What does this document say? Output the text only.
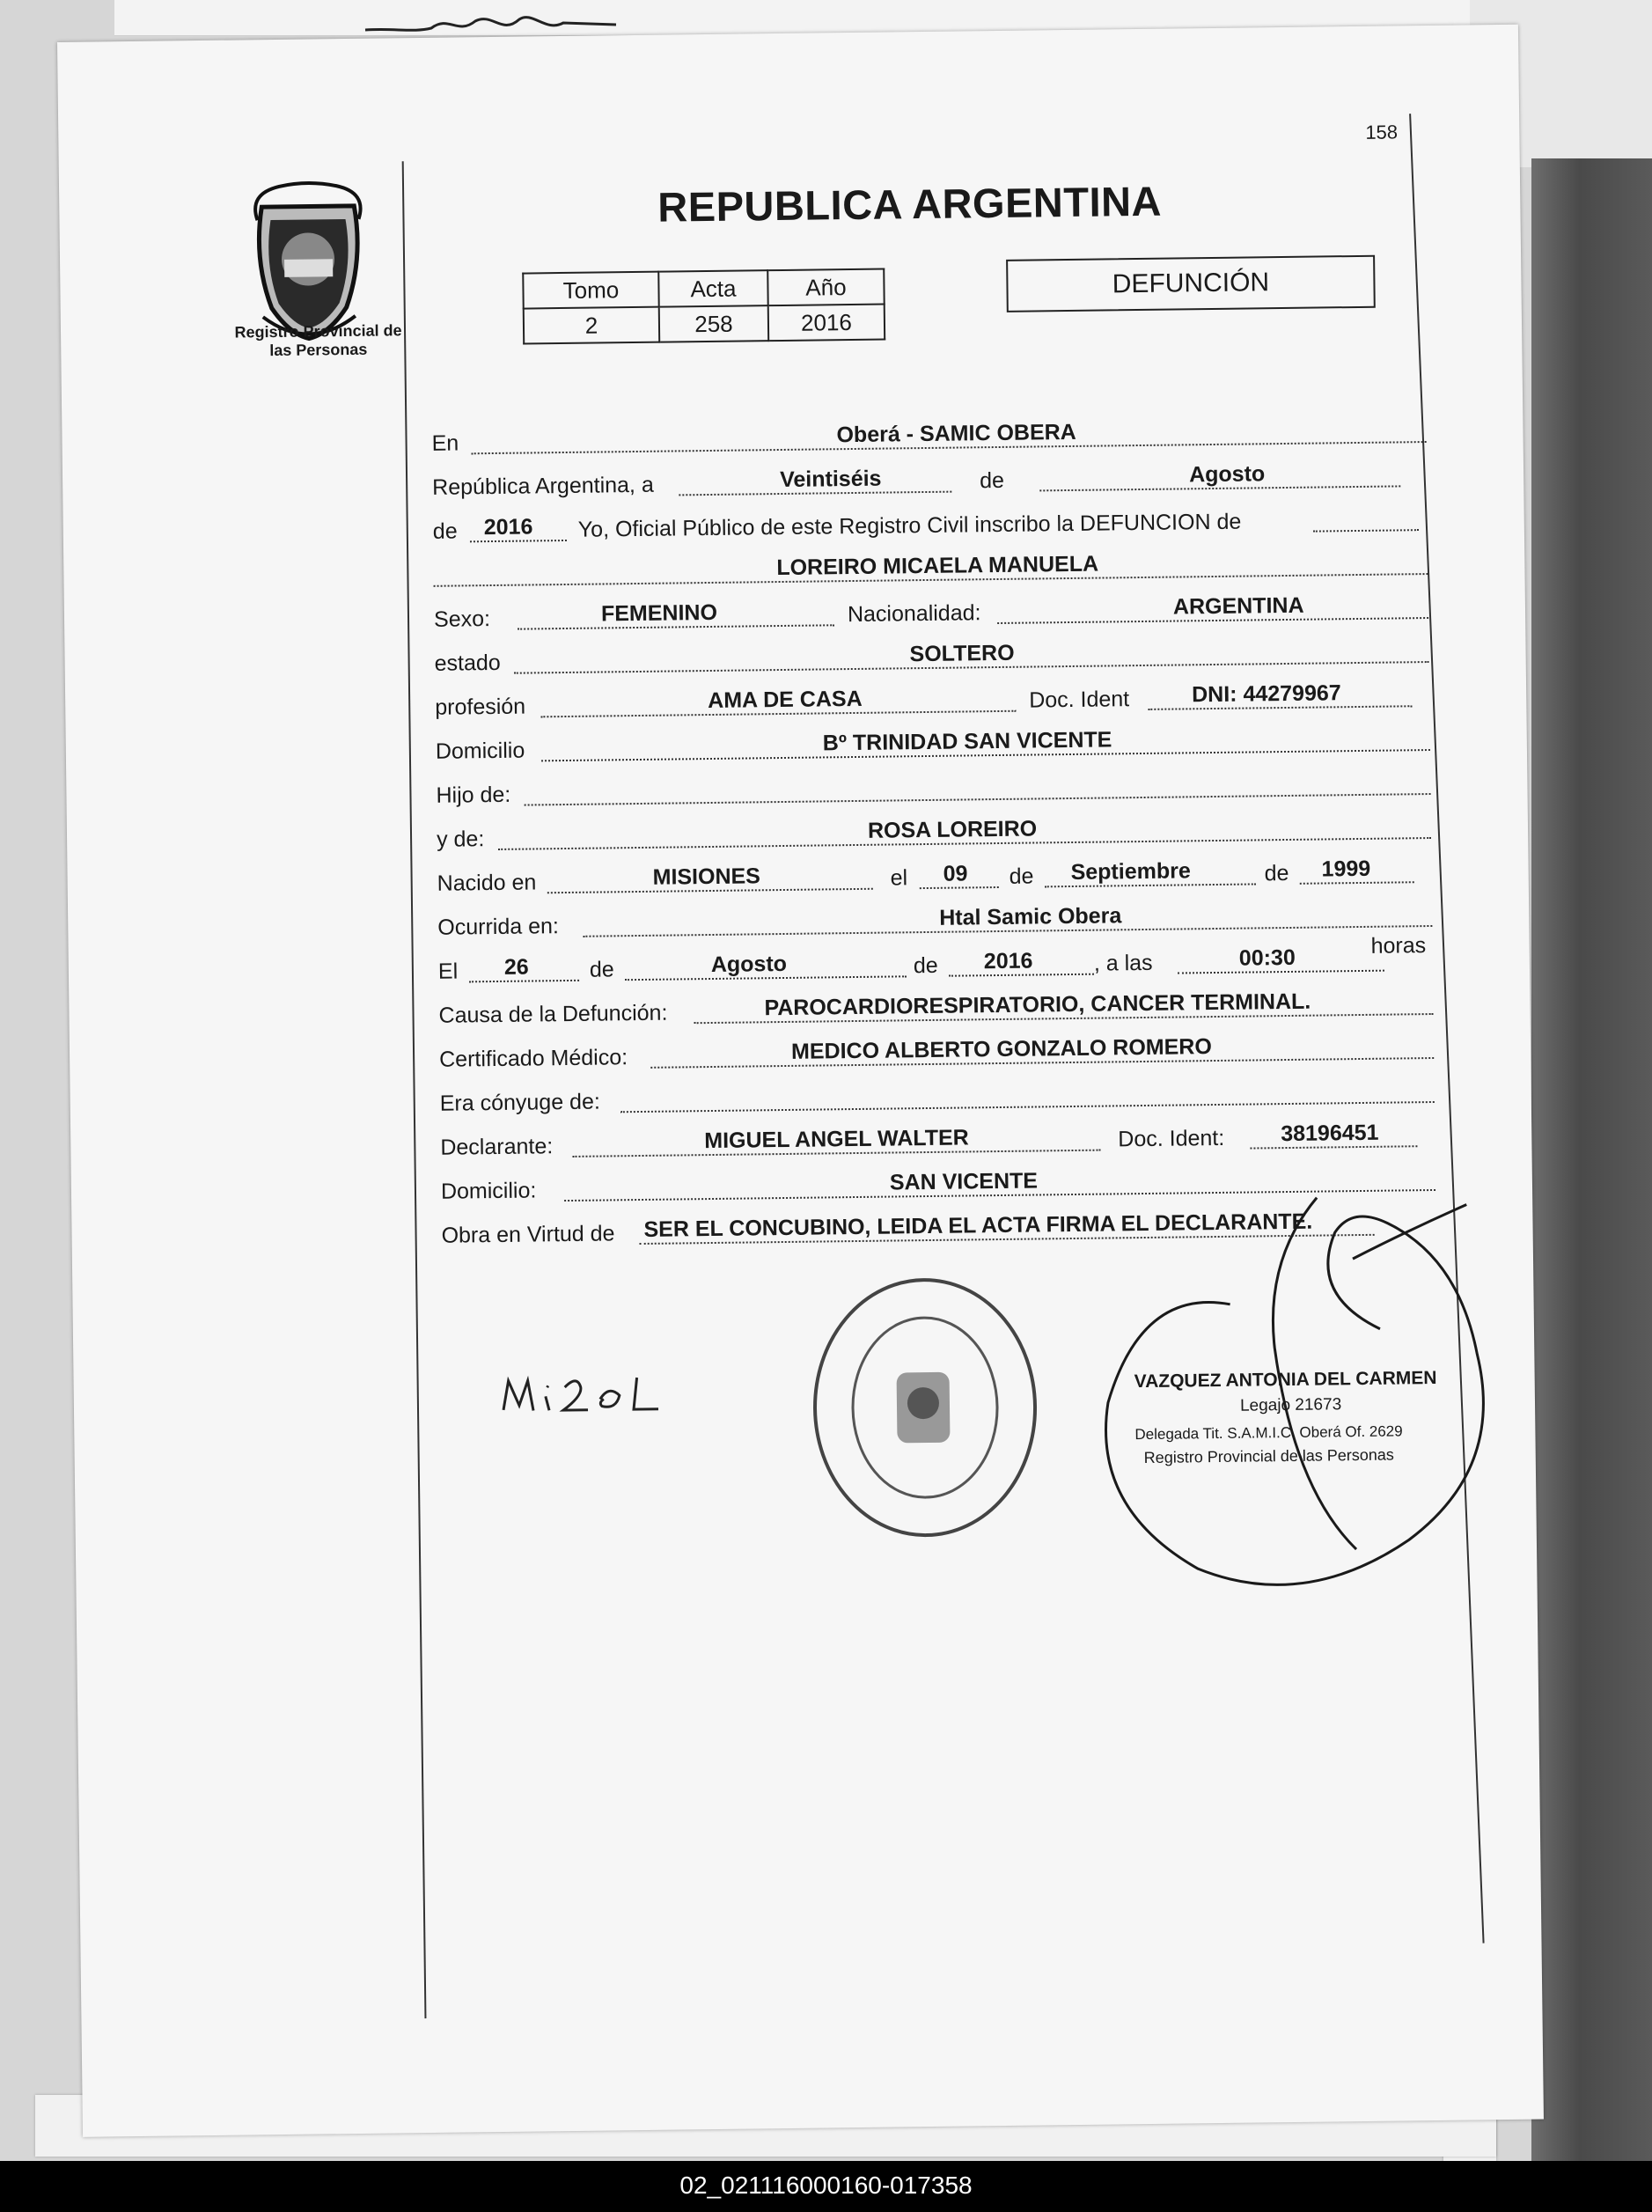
Registro Provincial de las Personas
158
REPUBLICA ARGENTINA
Tomo	Acta	Año
2	258	2016
DEFUNCIÓN
En	Oberá - SAMIC OBERA
República Argentina, a	Veintiséis	de	Agosto
de 2016 Yo, Oficial Público de este Registro Civil inscribo la DEFUNCION de
LOREIRO MICAELA MANUELA
Sexo:	FEMENINO	Nacionalidad:	ARGENTINA
estado	SOLTERO
profesión	AMA DE CASA	Doc. Ident	DNI: 44279967
Domicilio	Bº TRINIDAD SAN VICENTE
Hijo de:
y de:	ROSA LOREIRO
Nacido en	MISIONES	el 09 de Septiembre	de 1999
Ocurrida en:	Htal Samic Obera
El 26	de	Agosto	de 2016	, a las	00:30	horas
Causa de la Defunción:	PAROCARDIORESPIRATORIO, CANCER TERMINAL.
Certificado Médico:	MEDICO ALBERTO GONZALO ROMERO
Era cónyuge de:
Declarante:	MIGUEL ANGEL WALTER	Doc. Ident:	38196451
Domicilio:	SAN VICENTE
Obra en Virtud de SER EL CONCUBINO, LEIDA EL ACTA FIRMA EL DECLARANTE.
VAZQUEZ ANTONIA DEL CARMEN
Legajo 21673
Delegada Tit. S.A.M.I.C. Oberá Of. 2629
Registro Provincial de las Personas
02_021116000160-017358
